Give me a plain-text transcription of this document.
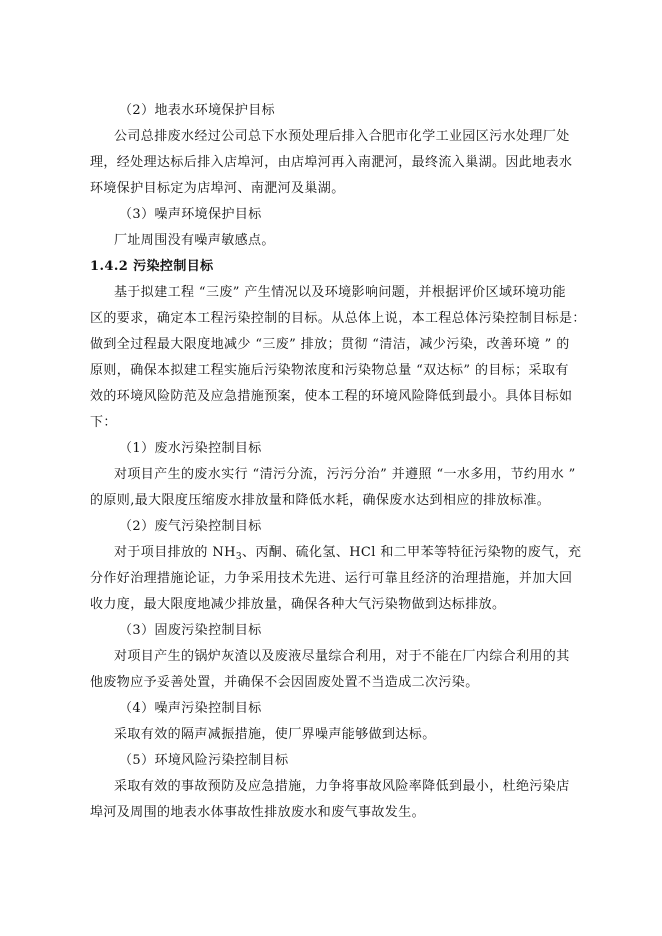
（2）地表水环境保护目标
公司总排废水经过公司总下水预处理后排入合肥市化学工业园区污水处理厂处
理，经处理达标后排入店埠河，由店埠河再入南淝河，最终流入巢湖。因此地表水
环境保护目标定为店埠河、南淝河及巢湖。
（3）噪声环境保护目标
厂址周围没有噪声敏感点。
1.4.2 污染控制目标
基于拟建工程 “三废” 产生情况以及环境影响问题，并根据评价区域环境功能
区的要求，确定本工程污染控制的目标。从总体上说，本工程总体污染控制目标是：
做到全过程最大限度地减少 “三废” 排放；贯彻 “清洁，减少污染，改善环境 ” 的
原则，确保本拟建工程实施后污染物浓度和污染物总量 “双达标” 的目标；采取有
效的环境风险防范及应急措施预案，使本工程的环境风险降低到最小。具体目标如
下：
（1）废水污染控制目标
对项目产生的废水实行 “清污分流，污污分治” 并遵照 “一水多用，节约用水 ”
的原则,最大限度压缩废水排放量和降低水耗，确保废水达到相应的排放标准。
（2）废气污染控制目标
对于项目排放的 $NH_3$、丙酮、硫化氢、HCl 和二甲苯等特征污染物的废气，充
分作好治理措施论证，力争采用技术先进、运行可靠且经济的治理措施，并加大回
收力度，最大限度地减少排放量，确保各种大气污染物做到达标排放。
（3）固废污染控制目标
对项目产生的锅炉灰渣以及废液尽量综合利用，对于不能在厂内综合利用的其
他废物应予妥善处置，并确保不会因固废处置不当造成二次污染。
（4）噪声污染控制目标
采取有效的隔声减振措施，使厂界噪声能够做到达标。
（5）环境风险污染控制目标
采取有效的事故预防及应急措施，力争将事故风险率降低到最小，杜绝污染店
埠河及周围的地表水体事故性排放废水和废气事故发生。
